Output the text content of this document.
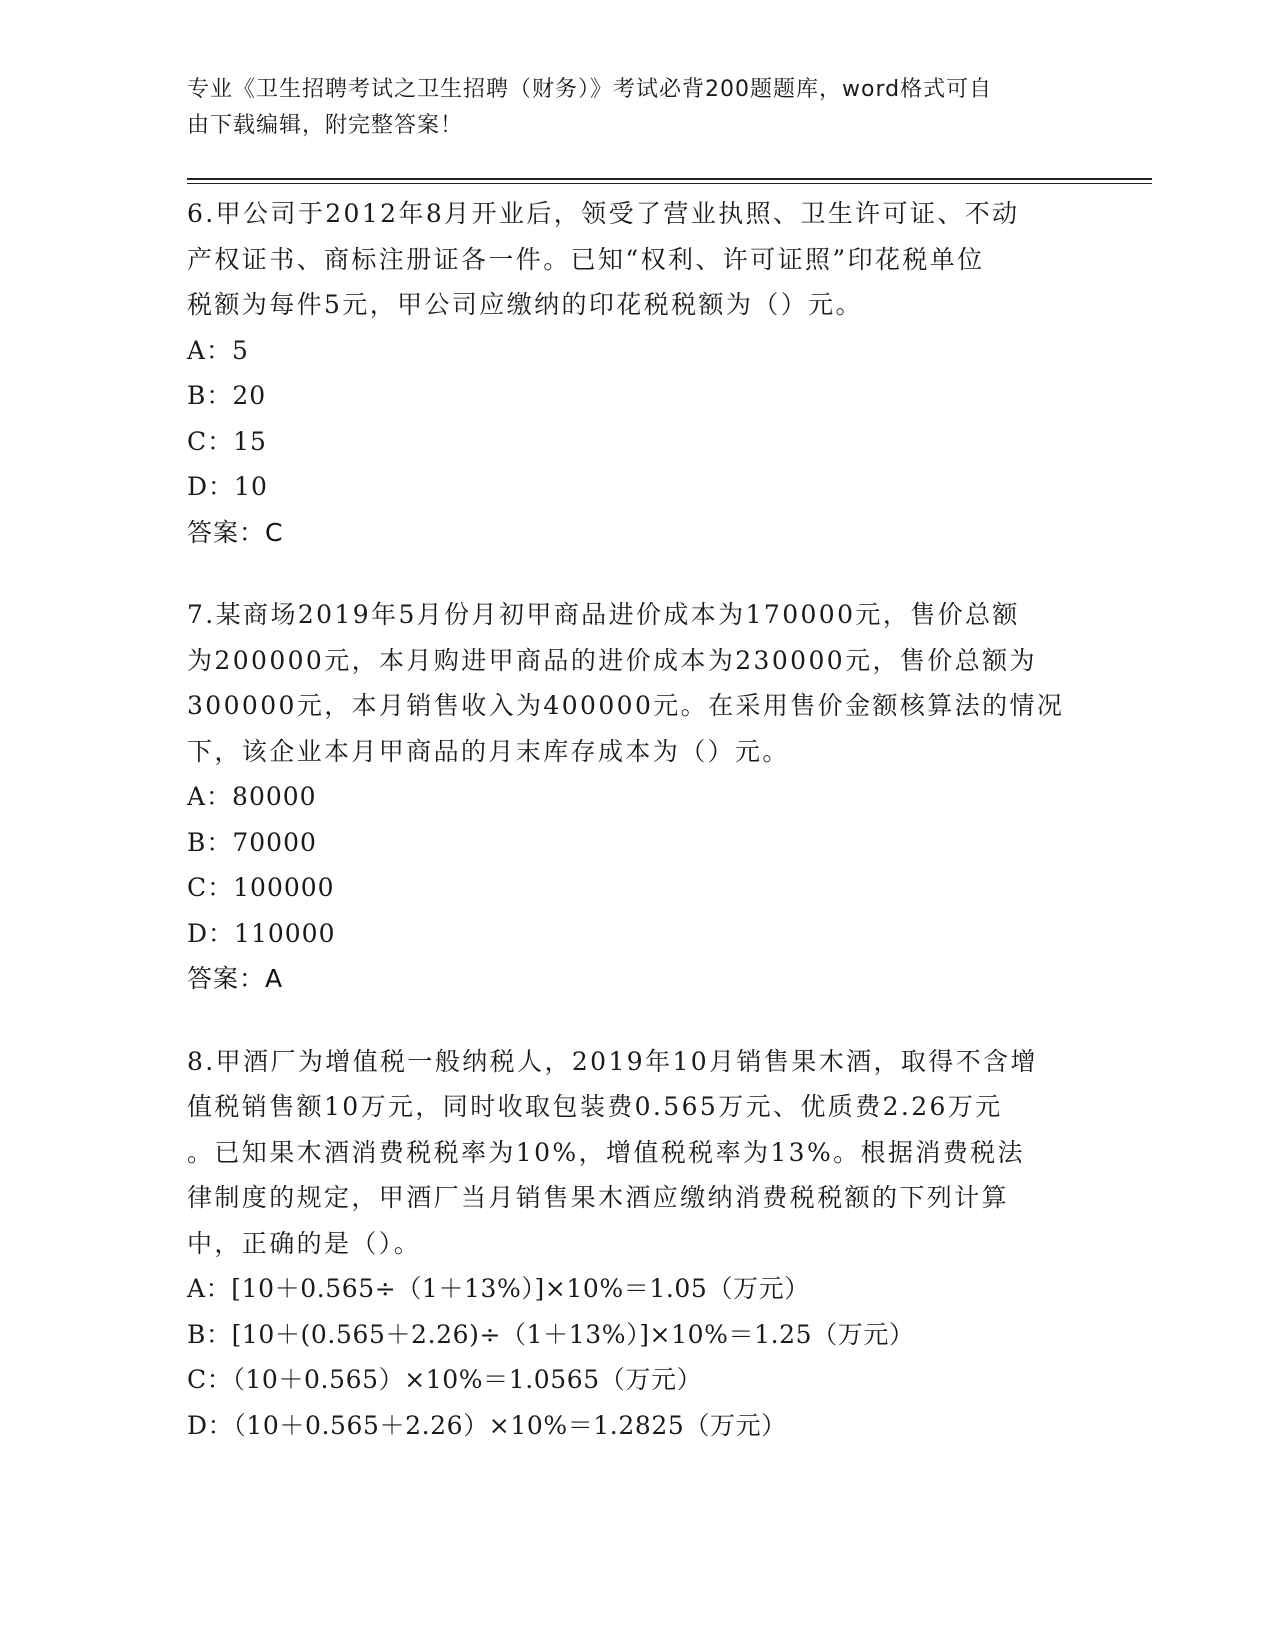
专业《卫生招聘考试之卫生招聘（财务）》考试必背200题题库，word格式可自
由下载编辑，附完整答案！
6.甲公司于2012年8月开业后，领受了营业执照、卫生许可证、不动
产权证书、商标注册证各一件。已知“权利、许可证照”印花税单位
税额为每件5元，甲公司应缴纳的印花税税额为（）元。
A：5
B：20
C：15
D：10
答案：C
7.某商场2019年5月份月初甲商品进价成本为170000元，售价总额
为200000元，本月购进甲商品的进价成本为230000元，售价总额为
300000元，本月销售收入为400000元。在采用售价金额核算法的情况
下，该企业本月甲商品的月末库存成本为（）元。
A：80000
B：70000
C：100000
D：110000
答案：A
8.甲酒厂为增值税一般纳税人，2019年10月销售果木酒，取得不含增
值税销售额10万元，同时收取包装费0.565万元、优质费2.26万元
。已知果木酒消费税税率为10%，增值税税率为13%。根据消费税法
律制度的规定，甲酒厂当月销售果木酒应缴纳消费税税额的下列计算
中，正确的是（）。
A：[10＋0.565÷（1＋13%）]×10%＝1.05（万元）
B：[10＋(0.565＋2.26)÷（1＋13%）]×10%＝1.25（万元）
C：（10＋0.565）×10%＝1.0565（万元）
D：（10＋0.565＋2.26）×10%＝1.2825（万元）
